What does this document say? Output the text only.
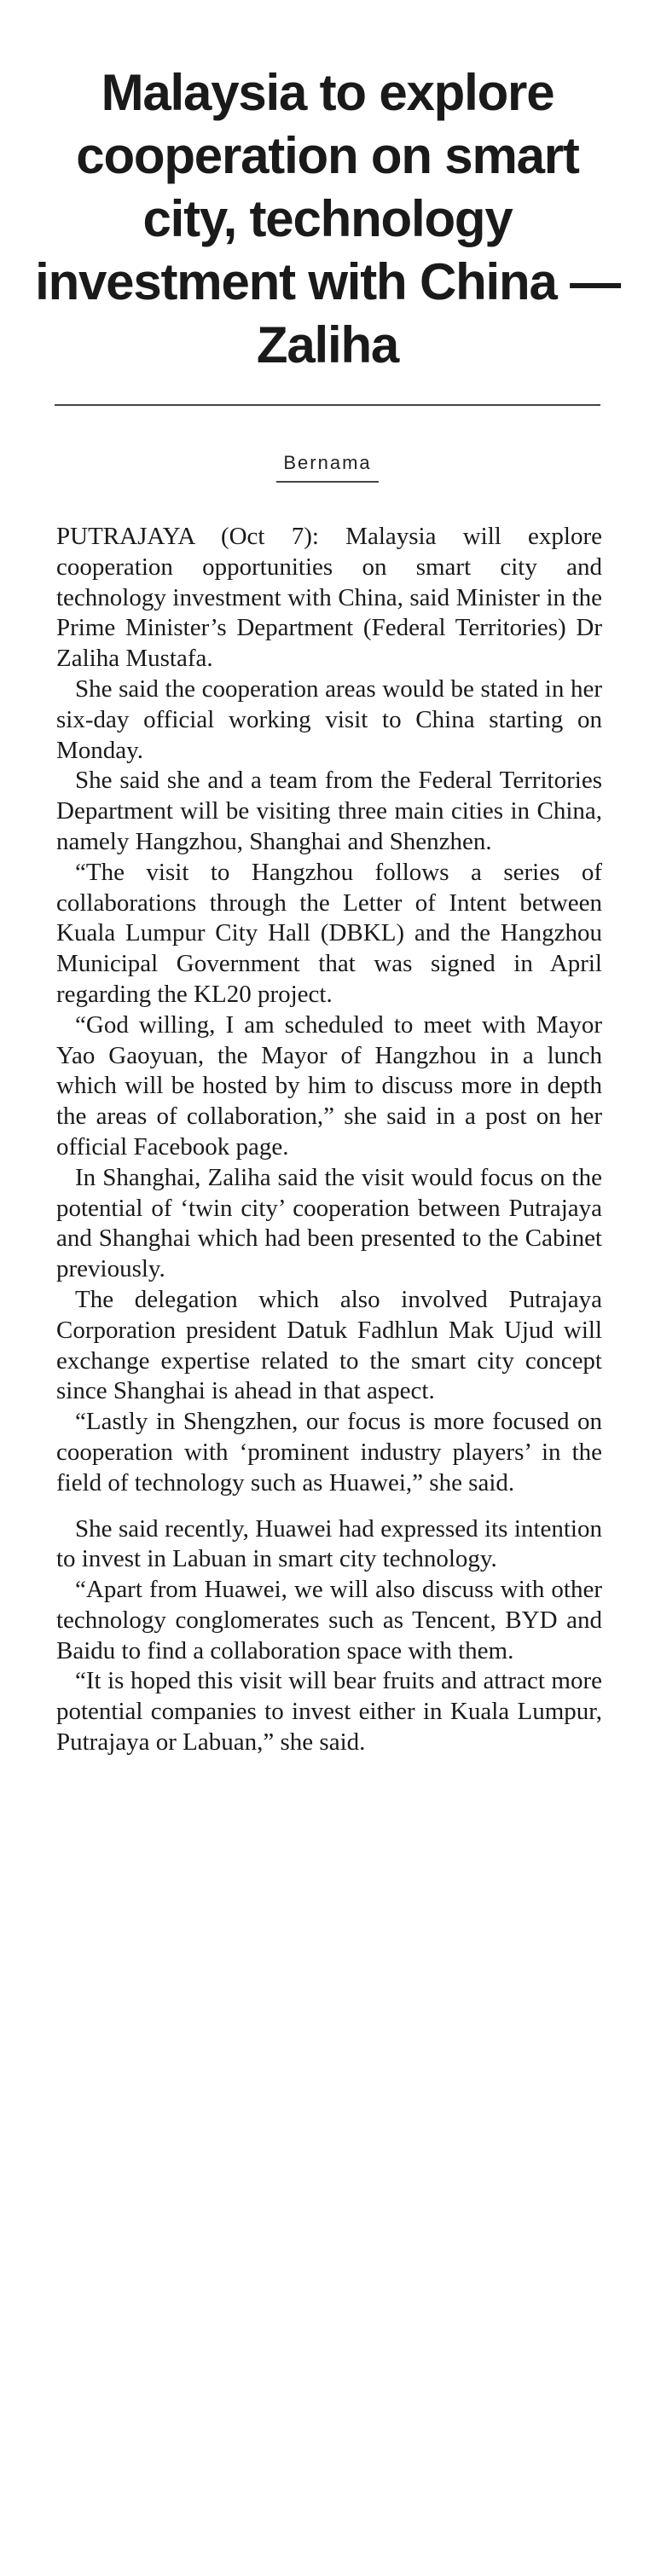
Malaysia to explore cooperation on smart city, technology investment with China — Zaliha
Bernama

PUTRAJAYA (Oct 7): Malaysia will explore cooperation opportunities on smart city and technology investment with China, said Minister in the Prime Minister’s Department (Federal Territories) Dr Zaliha Mustafa.

She said the cooperation areas would be stated in her six-day official working visit to China starting on Monday.

She said she and a team from the Federal Territories Department will be visiting three main cities in China, namely Hangzhou, Shanghai and Shenzhen.

“The visit to Hangzhou follows a series of collaborations through the Letter of Intent between Kuala Lumpur City Hall (DBKL) and the Hangzhou Municipal Government that was signed in April regarding the KL20 project.

“God willing, I am scheduled to meet with Mayor Yao Gaoyuan, the Mayor of Hangzhou in a lunch which will be hosted by him to discuss more in depth the areas of collaboration,” she said in a post on her official Facebook page.

In Shanghai, Zaliha said the visit would focus on the potential of ‘twin city’ cooperation between Putrajaya and Shanghai which had been presented to the Cabinet previously.

The delegation which also involved Putrajaya Corporation president Datuk Fadhlun Mak Ujud will exchange expertise related to the smart city concept since Shanghai is ahead in that aspect.

“Lastly in Shengzhen, our focus is more focused on cooperation with ‘prominent industry players’ in the field of technology such as Huawei,” she said.

She said recently, Huawei had expressed its intention to invest in Labuan in smart city technology.

“Apart from Huawei, we will also discuss with other technology conglomerates such as Tencent, BYD and Baidu to find a collaboration space with them.

“It is hoped this visit will bear fruits and attract more potential companies to invest either in Kuala Lumpur, Putrajaya or Labuan,” she said.
